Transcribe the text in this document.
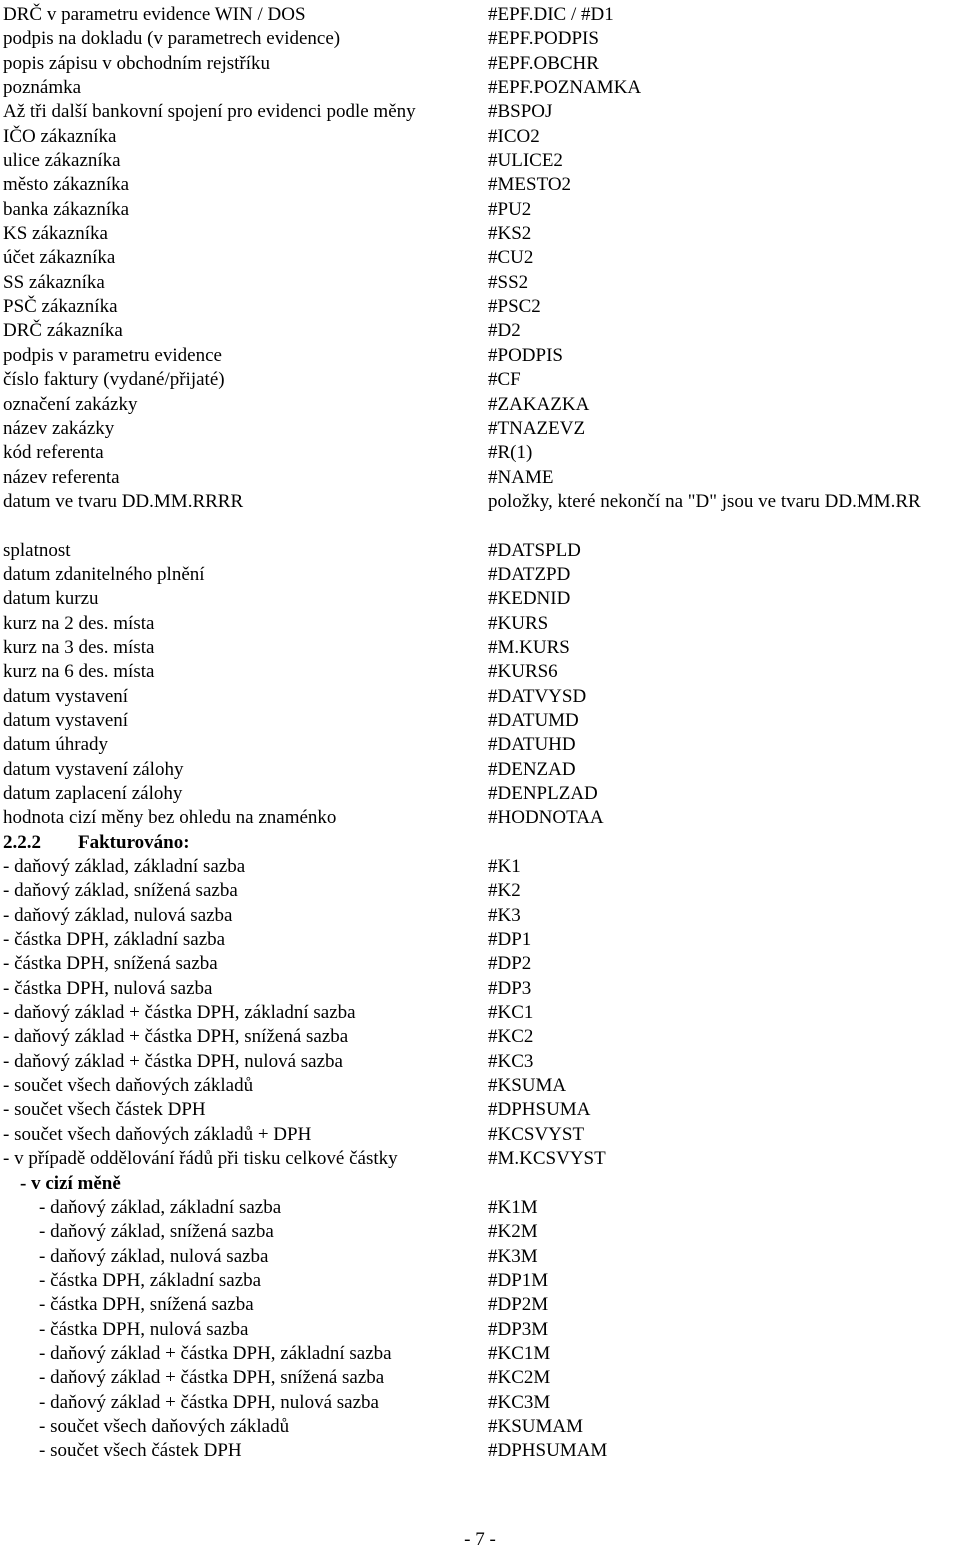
DRČ v parametru evidence WIN / DOS	#EPF.DIC / #D1
podpis na dokladu (v parametrech evidence)	#EPF.PODPIS
popis zápisu v obchodním rejstříku	#EPF.OBCHR
poznámka	#EPF.POZNAMKA
Až tři další bankovní spojení pro evidenci podle měny	#BSPOJ
IČO zákazníka	#ICO2
ulice zákazníka	#ULICE2
město zákazníka	#MESTO2
banka zákazníka	#PU2
KS zákazníka	#KS2
účet zákazníka	#CU2
SS zákazníka	#SS2
PSČ zákazníka	#PSC2
DRČ zákazníka	#D2
podpis v parametru evidence	#PODPIS
číslo faktury (vydané/přijaté)	#CF
označení zakázky	#ZAKAZKA
název zakázky	#TNAZEVZ
kód referenta	#R(1)
název referenta	#NAME
datum ve tvaru DD.MM.RRRR	položky, které nekončí na "D" jsou ve tvaru DD.MM.RR
splatnost	#DATSPLD
datum zdanitelného plnění	#DATZPD
datum kurzu	#KEDNID
kurz na 2 des. místa	#KURS
kurz na 3 des. místa	#M.KURS
kurz na 6 des. místa	#KURS6
datum vystavení	#DATVYSD
datum vystavení	#DATUMD
datum úhrady	#DATUHD
datum vystavení zálohy	#DENZAD
datum zaplacení zálohy	#DENPLZAD
hodnota cizí měny bez ohledu na znaménko	#HODNOTAA
2.2.2 Fakturováno:
- daňový základ, základní sazba	#K1
- daňový základ, snížená sazba	#K2
- daňový základ, nulová sazba	#K3
- částka DPH, základní sazba	#DP1
- částka DPH, snížená sazba	#DP2
- částka DPH, nulová sazba	#DP3
- daňový základ + částka DPH, základní sazba	#KC1
- daňový základ + částka DPH, snížená sazba	#KC2
- daňový základ + částka DPH, nulová sazba	#KC3
- součet všech daňových základů	#KSUMA
- součet všech částek DPH	#DPHSUMA
- součet všech daňových základů + DPH	#KCSVYST
- v případě oddělování řádů při tisku celkové částky	#M.KCSVYST
- v cizí měně
- daňový základ, základní sazba	#K1M
- daňový základ, snížená sazba	#K2M
- daňový základ, nulová sazba	#K3M
- částka DPH, základní sazba	#DP1M
- částka DPH, snížená sazba	#DP2M
- částka DPH, nulová sazba	#DP3M
- daňový základ + částka DPH, základní sazba	#KC1M
- daňový základ + částka DPH, snížená sazba	#KC2M
- daňový základ + částka DPH, nulová sazba	#KC3M
- součet všech daňových základů	#KSUMAM
- součet všech částek DPH	#DPHSUMAM
- 7 -
